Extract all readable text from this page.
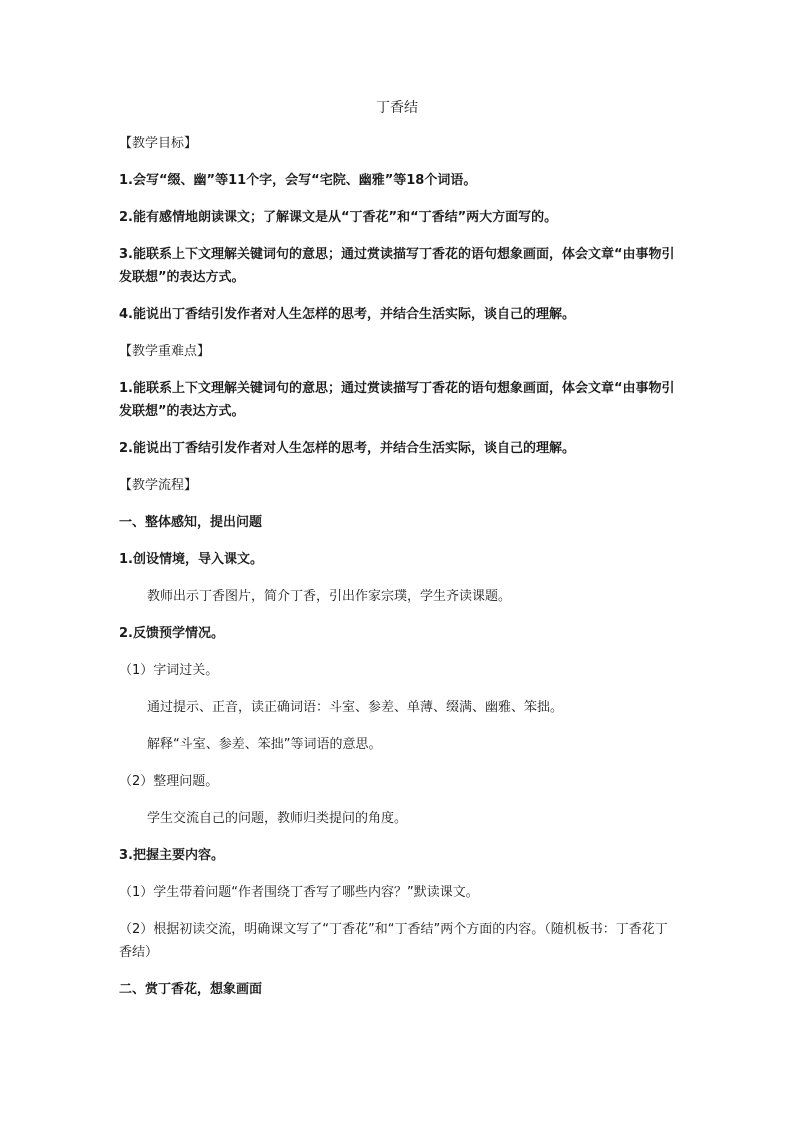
丁香结

【教学目标】

1.会写“缀、幽”等11个字，会写“宅院、幽雅”等18个词语。

2.能有感情地朗读课文；了解课文是从“丁香花”和“丁香结”两大方面写的。

3.能联系上下文理解关键词句的意思；通过赏读描写丁香花的语句想象画面，体会文章“由事物引发联想”的表达方式。

4.能说出丁香结引发作者对人生怎样的思考，并结合生活实际，谈自己的理解。

【教学重难点】

1.能联系上下文理解关键词句的意思；通过赏读描写丁香花的语句想象画面，体会文章“由事物引发联想”的表达方式。

2.能说出丁香结引发作者对人生怎样的思考，并结合生活实际，谈自己的理解。

【教学流程】

一、整体感知，提出问题

1.创设情境，导入课文。

教师出示丁香图片，简介丁香，引出作家宗璞，学生齐读课题。

2.反馈预学情况。

（1）字词过关。

通过提示、正音，读正确词语：斗室、参差、单薄、缀满、幽雅、笨拙。

解释“斗室、参差、笨拙”等词语的意思。

（2）整理问题。

学生交流自己的问题，教师归类提问的角度。

3.把握主要内容。

（1）学生带着问题“作者围绕丁香写了哪些内容？”默读课文。

（2）根据初读交流，明确课文写了“丁香花”和“丁香结”两个方面的内容。（随机板书：丁香花丁香结）

二、赏丁香花，想象画面
